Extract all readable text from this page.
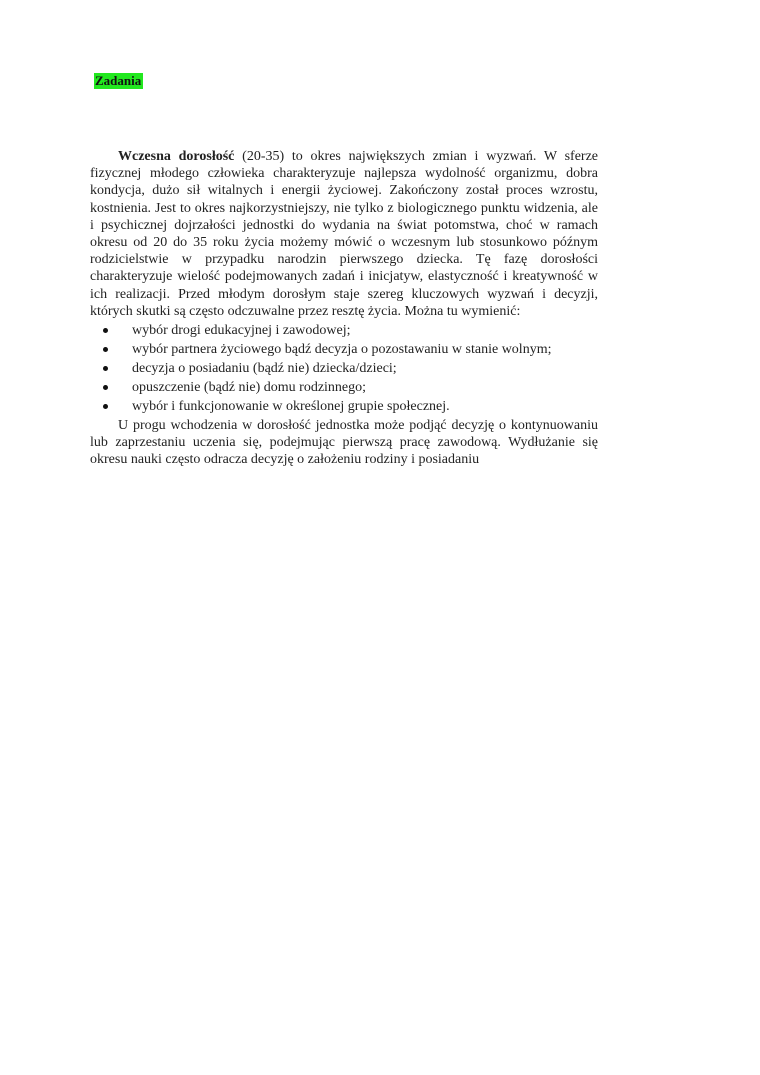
Zadania

Wczesna dorosłość (20-35) to okres największych zmian i wyzwań. W sferze fizycznej młodego człowieka charakteryzuje najlepsza wydolność organizmu, dobra kondycja, dużo sił witalnych i energii życiowej. Zakończony został proces wzrostu, kostnienia. Jest to okres najkorzystniejszy, nie tylko z biologicznego punktu widzenia, ale i psychicznej dojrzałości jednostki do wydania na świat potomstwa, choć w ramach okresu od 20 do 35 roku życia możemy mówić o wczesnym lub stosunkowo późnym rodzicielstwie w przypadku narodzin pierwszego dziecka. Tę fazę dorosłości charakteryzuje wielość podejmowanych zadań i inicjatyw, elastyczność i kreatywność w ich realizacji. Przed młodym dorosłym staje szereg kluczowych wyzwań i decyzji, których skutki są często odczuwalne przez resztę życia. Można tu wymienić:

wybór drogi edukacyjnej i zawodowej;
wybór partnera życiowego bądź decyzja o pozostawaniu w stanie wolnym;
decyzja o posiadaniu (bądź nie) dziecka/dzieci;
opuszczenie (bądź nie) domu rodzinnego;
wybór i funkcjonowanie w określonej grupie społecznej.

U progu wchodzenia w dorosłość jednostka może podjąć decyzję o kontynuowaniu lub zaprzestaniu uczenia się, podejmując pierwszą pracę zawodową. Wydłużanie się okresu nauki często odracza decyzję o założeniu rodziny i posiadaniu
